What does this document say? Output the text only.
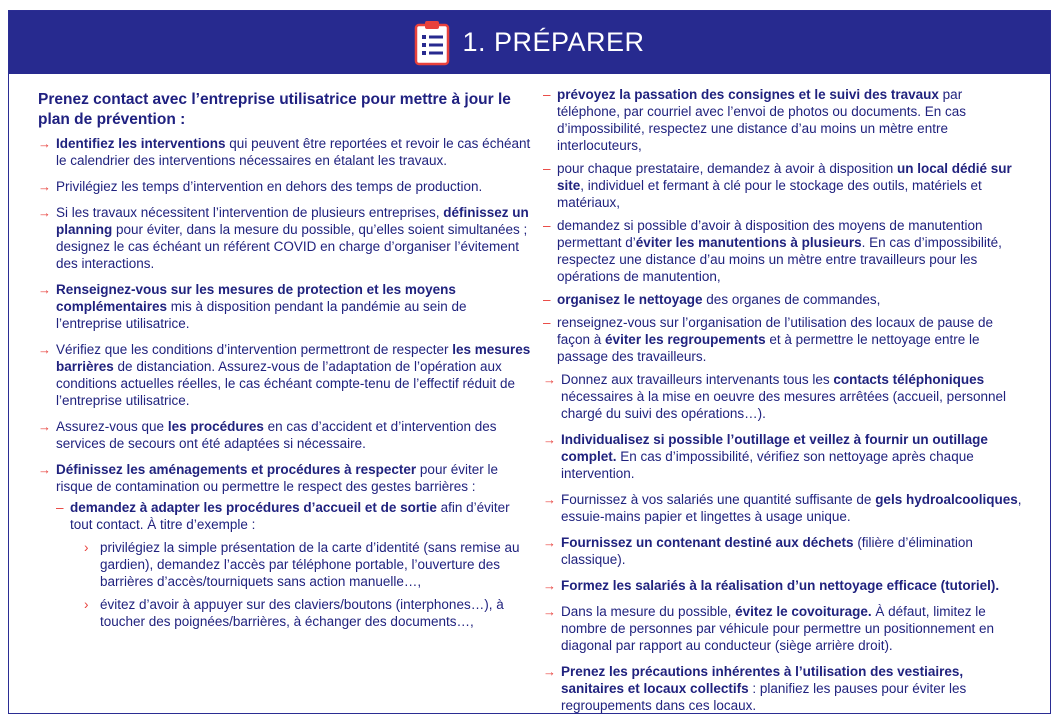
1. PRÉPARER

Prenez contact avec l’entreprise utilisatrice pour mettre à jour le plan de prévention :

→ Identifiez les interventions qui peuvent être reportées et revoir le cas échéant le calendrier des interventions nécessaires en étalant les travaux.
→ Privilégiez les temps d’intervention en dehors des temps de production.
→ Si les travaux nécessitent l’intervention de plusieurs entreprises, définissez un planning pour éviter, dans la mesure du possible, qu’elles soient simultanées ; designez le cas échéant un référent COVID en charge d’organiser l’évitement des interactions.
→ Renseignez-vous sur les mesures de protection et les moyens complémentaires mis à disposition pendant la pandémie au sein de l’entreprise utilisatrice.
→ Vérifiez que les conditions d’intervention permettront de respecter les mesures barrières de distanciation. Assurez-vous de l’adaptation de l’opération aux conditions actuelles réelles, le cas échéant compte-tenu de l’effectif réduit de l’entreprise utilisatrice.
→ Assurez-vous que les procédures en cas d’accident et d’intervention des services de secours ont été adaptées si nécessaire.
→ Définissez les aménagements et procédures à respecter pour éviter le risque de contamination ou permettre le respect des gestes barrières :
– demandez à adapter les procédures d’accueil et de sortie afin d’éviter tout contact. À titre d’exemple :
› privilégiez la simple présentation de la carte d’identité (sans remise au gardien), demandez l’accès par téléphone portable, l’ouverture des barrières d’accès/tourniquets sans action manuelle…,
› évitez d’avoir à appuyer sur des claviers/boutons (interphones…), à toucher des poignées/barrières, à échanger des documents…,
– prévoyez la passation des consignes et le suivi des travaux par téléphone, par courriel avec l’envoi de photos ou documents. En cas d’impossibilité, respectez une distance d’au moins un mètre entre interlocuteurs,
– pour chaque prestataire, demandez à avoir à disposition un local dédié sur site, individuel et fermant à clé pour le stockage des outils, matériels et matériaux,
– demandez si possible d’avoir à disposition des moyens de manutention permettant d’éviter les manutentions à plusieurs. En cas d’impossibilité, respectez une distance d’au moins un mètre entre travailleurs pour les opérations de manutention,
– organisez le nettoyage des organes de commandes,
– renseignez-vous sur l’organisation de l’utilisation des locaux de pause de façon à éviter les regroupements et à permettre le nettoyage entre le passage des travailleurs.
→ Donnez aux travailleurs intervenants tous les contacts téléphoniques nécessaires à la mise en oeuvre des mesures arrêtées (accueil, personnel chargé du suivi des opérations…).
→ Individualisez si possible l’outillage et veillez à fournir un outillage complet. En cas d’impossibilité, vérifiez son nettoyage après chaque intervention.
→ Fournissez à vos salariés une quantité suffisante de gels hydroalcooliques, essuie-mains papier et lingettes à usage unique.
→ Fournissez un contenant destiné aux déchets (filière d’élimination classique).
→ Formez les salariés à la réalisation d’un nettoyage efficace (tutoriel).
→ Dans la mesure du possible, évitez le covoiturage. À défaut, limitez le nombre de personnes par véhicule pour permettre un positionnement en diagonal par rapport au conducteur (siège arrière droit).
→ Prenez les précautions inhérentes à l’utilisation des vestiaires, sanitaires et locaux collectifs : planifiez les pauses pour éviter les regroupements dans ces locaux.
